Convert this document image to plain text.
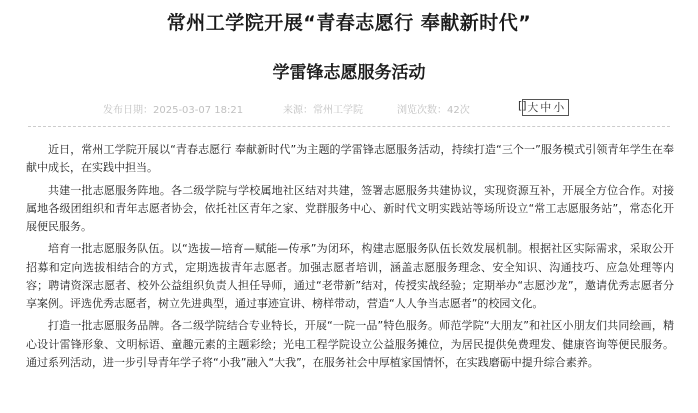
常州工学院开展“青春志愿行 奉献新时代”
学雷锋志愿服务活动
发布日期：2025-03-07 18:21	来源：常州工学院	浏览次数：42次	[ 大 中 小
]

近日，常州工学院开展以“青春志愿行 奉献新时代”为主题的学雷锋志愿服务活动，持续打造“三个一”服务模式引领青年学生在奉献中成长，在实践中担当。

共建一批志愿服务阵地。各二级学院与学校属地社区结对共建，签署志愿服务共建协议，实现资源互补，开展全方位合作。对接属地各级团组织和青年志愿者协会，依托社区青年之家、党群服务中心、新时代文明实践站等场所设立“常工志愿服务站”，常态化开展便民服务。

培育一批志愿服务队伍。以“选拔—培育—赋能—传承”为闭环，构建志愿服务队伍长效发展机制。根据社区实际需求，采取公开招募和定向选拔相结合的方式，定期选拔青年志愿者。加强志愿者培训，涵盖志愿服务理念、安全知识、沟通技巧、应急处理等内容；聘请资深志愿者、校外公益组织负责人担任导师，通过“老带新”结对，传授实战经验；定期举办“志愿沙龙”，邀请优秀志愿者分享案例。评选优秀志愿者，树立先进典型，通过事迹宣讲、榜样带动，营造“人人争当志愿者”的校园文化。

打造一批志愿服务品牌。各二级学院结合专业特长，开展“一院一品”特色服务。师范学院“大朋友”和社区小朋友们共同绘画，精心设计雷锋形象、文明标语、童趣元素的主题彩绘；光电工程学院设立公益服务摊位，为居民提供免费理发、健康咨询等便民服务。通过系列活动，进一步引导青年学子将“小我”融入“大我”，在服务社会中厚植家国情怀，在实践磨砺中提升综合素养。
